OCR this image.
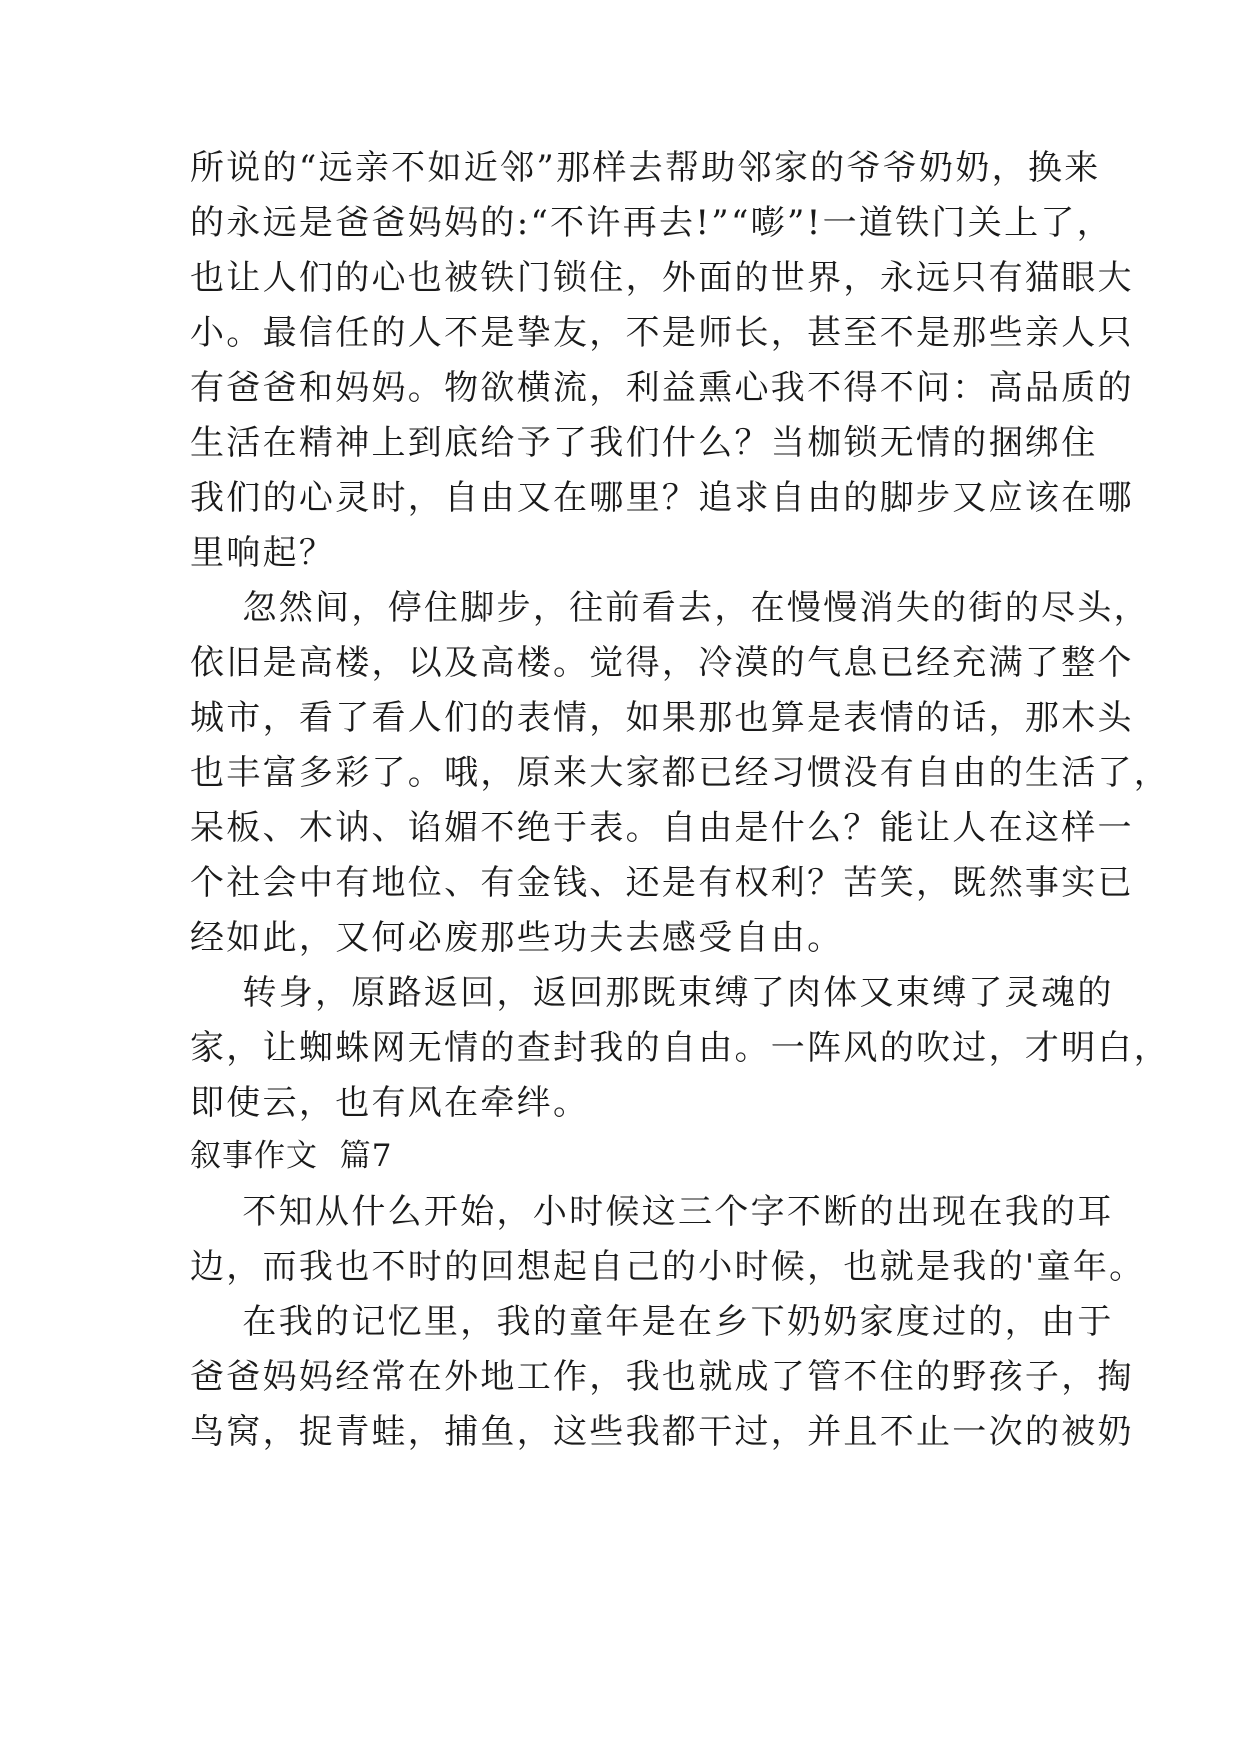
所说的“远亲不如近邻”那样去帮助邻家的爷爷奶奶，换来
的永远是爸爸妈妈的:“不许再去!”“嘭”!一道铁门关上了，
也让人们的心也被铁门锁住，外面的世界，永远只有猫眼大
小。最信任的人不是挚友，不是师长，甚至不是那些亲人只
有爸爸和妈妈。物欲横流，利益熏心我不得不问：高品质的
生活在精神上到底给予了我们什么？当枷锁无情的捆绑住
我们的心灵时，自由又在哪里？追求自由的脚步又应该在哪
里响起？
忽然间，停住脚步，往前看去，在慢慢消失的街的尽头，
依旧是高楼，以及高楼。觉得，冷漠的气息已经充满了整个
城市，看了看人们的表情，如果那也算是表情的话，那木头
也丰富多彩了。哦，原来大家都已经习惯没有自由的生活了，
呆板、木讷、谄媚不绝于表。自由是什么？能让人在这样一
个社会中有地位、有金钱、还是有权利？苦笑，既然事实已
经如此，又何必废那些功夫去感受自由。
转身，原路返回，返回那既束缚了肉体又束缚了灵魂的
家，让蜘蛛网无情的查封我的自由。一阵风的吹过，才明白，
即使云，也有风在牵绊。
叙事作文  篇7
不知从什么开始，小时候这三个字不断的出现在我的耳
边，而我也不时的回想起自己的小时候，也就是我的'童年。
在我的记忆里，我的童年是在乡下奶奶家度过的，由于
爸爸妈妈经常在外地工作，我也就成了管不住的野孩子，掏
鸟窝，捉青蛙，捕鱼，这些我都干过，并且不止一次的被奶
